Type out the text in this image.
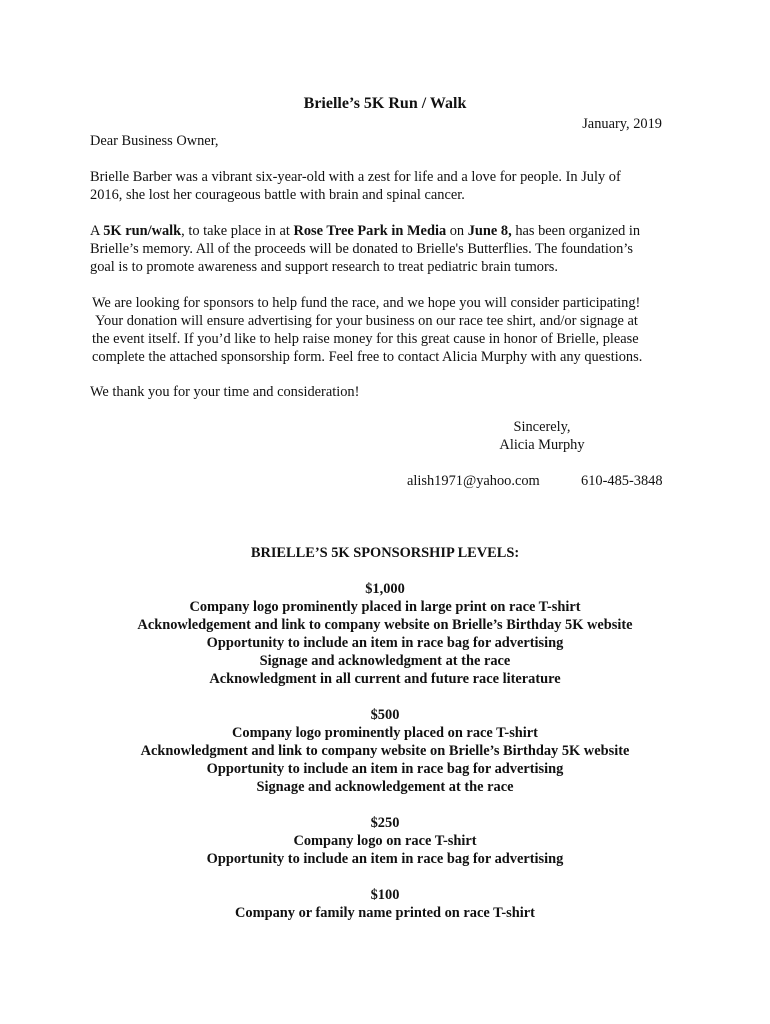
Brielle’s 5K Run / Walk
January, 2019
Dear Business Owner,
Brielle Barber was a vibrant six-year-old with a zest for life and a love for people. In July of
2016, she lost her courageous battle with brain and spinal cancer.
A 5K run/walk, to take place in at Rose Tree Park in Media on June 8, has been organized in
Brielle’s memory. All of the proceeds will be donated to Brielle's Butterflies. The foundation’s
goal is to promote awareness and support research to treat pediatric brain tumors.
We are looking for sponsors to help fund the race, and we hope you will consider participating!
Your donation will ensure advertising for your business on our race tee shirt, and/or signage at
the event itself. If you’d like to help raise money for this great cause in honor of Brielle, please
complete the attached sponsorship form. Feel free to contact Alicia Murphy with any questions.
We thank you for your time and consideration!
Sincerely,
Alicia Murphy
alish1971@yahoo.com	610-485-3848
BRIELLE’S 5K SPONSORSHIP LEVELS:
$1,000
Company logo prominently placed in large print on race T-shirt
Acknowledgement and link to company website on Brielle’s Birthday 5K website
Opportunity to include an item in race bag for advertising
Signage and acknowledgment at the race
Acknowledgment in all current and future race literature
$500
Company logo prominently placed on race T-shirt
Acknowledgment and link to company website on Brielle’s Birthday 5K website
Opportunity to include an item in race bag for advertising
Signage and acknowledgement at the race
$250
Company logo on race T-shirt
Opportunity to include an item in race bag for advertising
$100
Company or family name printed on race T-shirt
